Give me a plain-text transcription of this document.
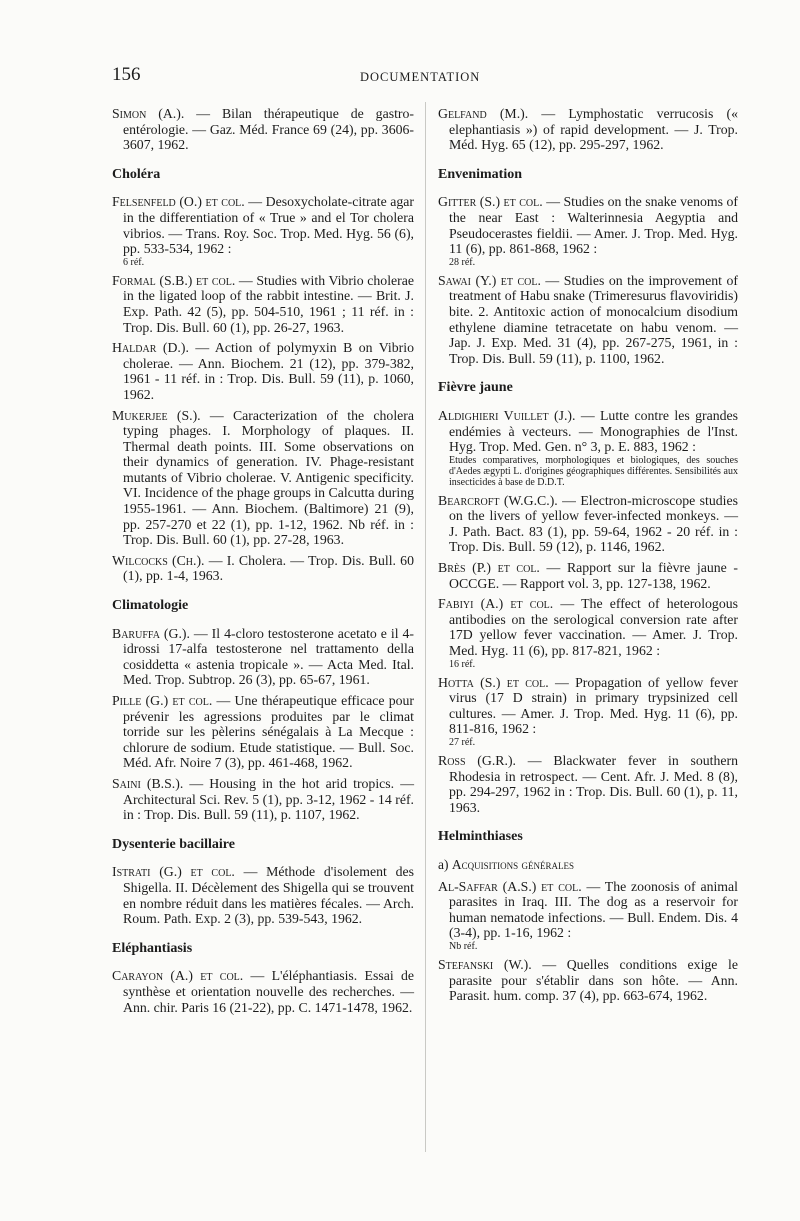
156	DOCUMENTATION

Simon (A.). — Bilan thérapeutique de gastro-entérologie. — Gaz. Méd. France 69 (24), pp. 3606-3607, 1962.

Choléra

Felsenfeld (O.) et col. — Desoxycholate-citrate agar in the differentiation of « True » and el Tor cholera vibrios. — Trans. Roy. Soc. Trop. Med. Hyg. 56 (6), pp. 533-534, 1962 :
6 réf.

Formal (S.B.) et col. — Studies with Vibrio cholerae in the ligated loop of the rabbit intestine. — Brit. J. Exp. Path. 42 (5), pp. 504-510, 1961 ; 11 réf. in : Trop. Dis. Bull. 60 (1), pp. 26-27, 1963.

Haldar (D.). — Action of polymyxin B on Vibrio cholerae. — Ann. Biochem. 21 (12), pp. 379-382, 1961 - 11 réf. in : Trop. Dis. Bull. 59 (11), p. 1060, 1962.

Mukerjee (S.). — Caracterization of the cholera typing phages. I. Morphology of plaques. II. Thermal death points. III. Some observations on their dynamics of generation. IV. Phage-resistant mutants of Vibrio cholerae. V. Antigenic specificity. VI. Incidence of the phage groups in Calcutta during 1955-1961. — Ann. Biochem. (Baltimore) 21 (9), pp. 257-270 et 22 (1), pp. 1-12, 1962. Nb réf. in : Trop. Dis. Bull. 60 (1), pp. 27-28, 1963.

Wilcocks (Ch.). — I. Cholera. — Trop. Dis. Bull. 60 (1), pp. 1-4, 1963.

Climatologie

Baruffa (G.). — Il 4-cloro testosterone acetato e il 4-idrossi 17-alfa testosterone nel trattamento della cosiddetta « astenia tropicale ». — Acta Med. Ital. Med. Trop. Subtrop. 26 (3), pp. 65-67, 1961.

Pille (G.) et col. — Une thérapeutique efficace pour prévenir les agressions produites par le climat torride sur les pèlerins sénégalais à La Mecque : chlorure de sodium. Etude statistique. — Bull. Soc. Méd. Afr. Noire 7 (3), pp. 461-468, 1962.

Saini (B.S.). — Housing in the hot arid tropics. — Architectural Sci. Rev. 5 (1), pp. 3-12, 1962 - 14 réf. in : Trop. Dis. Bull. 59 (11), p. 1107, 1962.

Dysenterie bacillaire

Istrati (G.) et col. — Méthode d'isolement des Shigella. II. Décèlement des Shigella qui se trouvent en nombre réduit dans les matières fécales. — Arch. Roum. Path. Exp. 2 (3), pp. 539-543, 1962.

Eléphantiasis

Carayon (A.) et col. — L'éléphantiasis. Essai de synthèse et orientation nouvelle des recherches. — Ann. chir. Paris 16 (21-22), pp. C. 1471-1478, 1962.

Gelfand (M.). — Lymphostatic verrucosis (« elephantiasis ») of rapid development. — J. Trop. Méd. Hyg. 65 (12), pp. 295-297, 1962.

Envenimation

Gitter (S.) et col. — Studies on the snake venoms of the near East : Walterinnesia Aegyptia and Pseudocerastes fieldii. — Amer. J. Trop. Med. Hyg. 11 (6), pp. 861-868, 1962 :
28 réf.

Sawai (Y.) et col. — Studies on the improvement of treatment of Habu snake (Trimeresurus flavoviridis) bite. 2. Antitoxic action of monocalcium disodium ethylene diamine tetracetate on habu venom. — Jap. J. Exp. Med. 31 (4), pp. 267-275, 1961, in : Trop. Dis. Bull. 59 (11), p. 1100, 1962.

Fièvre jaune

Aldighieri Vuillet (J.). — Lutte contre les grandes endémies à vecteurs. — Monographies de l'Inst. Hyg. Trop. Med. Gen. n° 3, p. E. 883, 1962 :
Etudes comparatives, morphologiques et biologiques, des souches d'Aedes ægypti L. d'origines géographiques différentes. Sensibilités aux insecticides à base de D.D.T.

Bearcroft (W.G.C.). — Electron-microscope studies on the livers of yellow fever-infected monkeys. — J. Path. Bact. 83 (1), pp. 59-64, 1962 - 20 réf. in : Trop. Dis. Bull. 59 (12), p. 1146, 1962.

Brès (P.) et col. — Rapport sur la fièvre jaune - OCCGE. — Rapport vol. 3, pp. 127-138, 1962.

Fabiyi (A.) et col. — The effect of heterologous antibodies on the serological conversion rate after 17D yellow fever vaccination. — Amer. J. Trop. Med. Hyg. 11 (6), pp. 817-821, 1962 :
16 réf.

Hotta (S.) et col. — Propagation of yellow fever virus (17 D strain) in primary trypsinized cell cultures. — Amer. J. Trop. Med. Hyg. 11 (6), pp. 811-816, 1962 :
27 réf.

Ross (G.R.). — Blackwater fever in southern Rhodesia in retrospect. — Cent. Afr. J. Med. 8 (8), pp. 294-297, 1962 in : Trop. Dis. Bull. 60 (1), p. 11, 1963.

Helminthiases
a) Acquisitions générales

Al-Saffar (A.S.) et col. — The zoonosis of animal parasites in Iraq. III. The dog as a reservoir for human nematode infections. — Bull. Endem. Dis. 4 (3-4), pp. 1-16, 1962 :
Nb réf.

Stefanski (W.). — Quelles conditions exige le parasite pour s'établir dans son hôte. — Ann. Parasit. hum. comp. 37 (4), pp. 663-674, 1962.
